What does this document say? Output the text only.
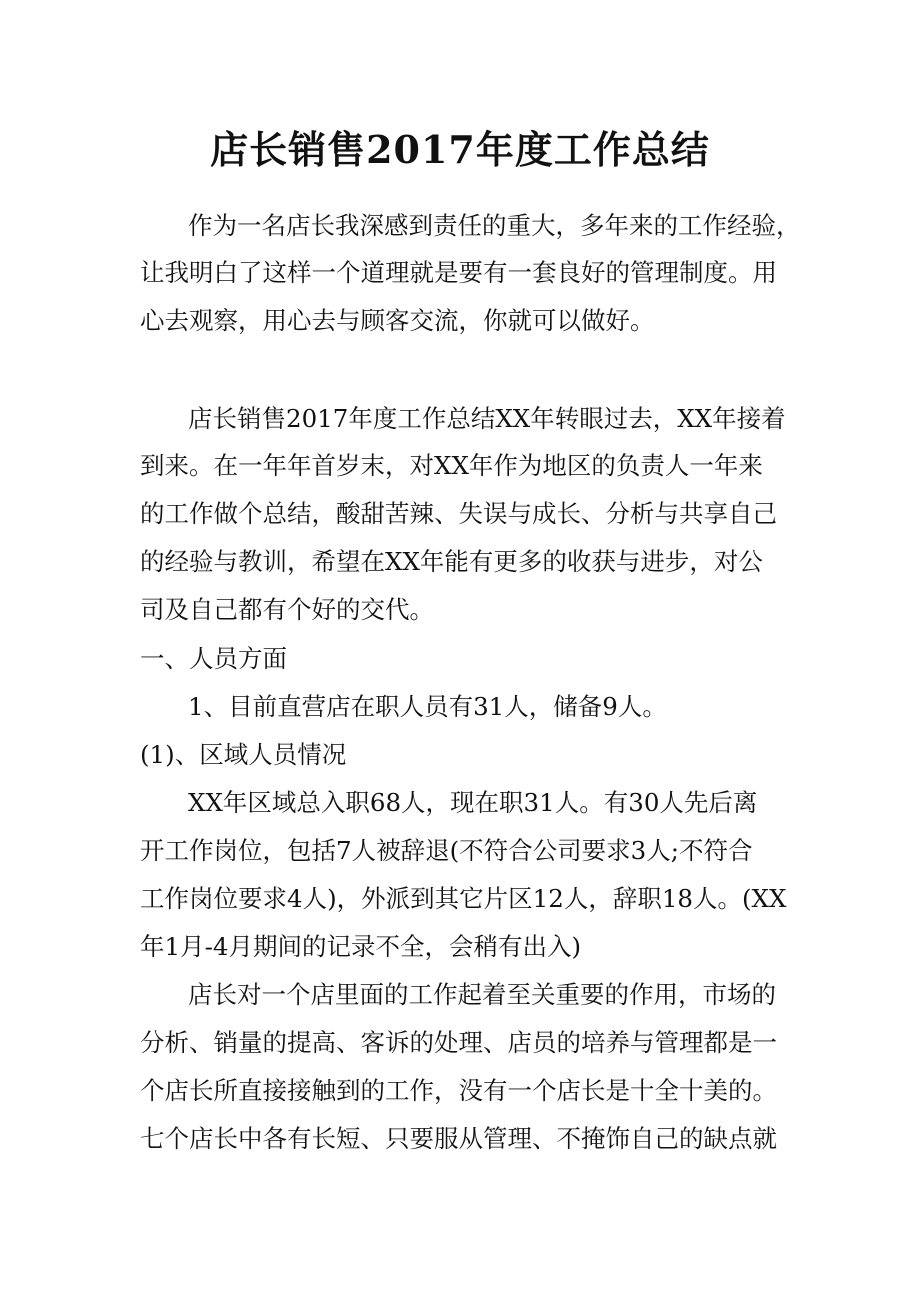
店长销售2017年度工作总结
作为一名店长我深感到责任的重大，多年来的工作经验，
让我明白了这样一个道理就是要有一套良好的管理制度。用
心去观察，用心去与顾客交流，你就可以做好。
店长销售2017年度工作总结XX年转眼过去，XX年接着
到来。在一年年首岁末，对XX年作为地区的负责人一年来
的工作做个总结，酸甜苦辣、失误与成长、分析与共享自己
的经验与教训，希望在XX年能有更多的收获与进步，对公
司及自己都有个好的交代。
一、人员方面
1、目前直营店在职人员有31人，储备9人。
(1)、区域人员情况
XX年区域总入职68人，现在职31人。有30人先后离
开工作岗位，包括7人被辞退(不符合公司要求3人;不符合
工作岗位要求4人)，外派到其它片区12人，辞职18人。(XX
年1月-4月期间的记录不全，会稍有出入)
店长对一个店里面的工作起着至关重要的作用，市场的
分析、销量的提高、客诉的处理、店员的培养与管理都是一
个店长所直接接触到的工作，没有一个店长是十全十美的。
七个店长中各有长短、只要服从管理、不掩饰自己的缺点就
